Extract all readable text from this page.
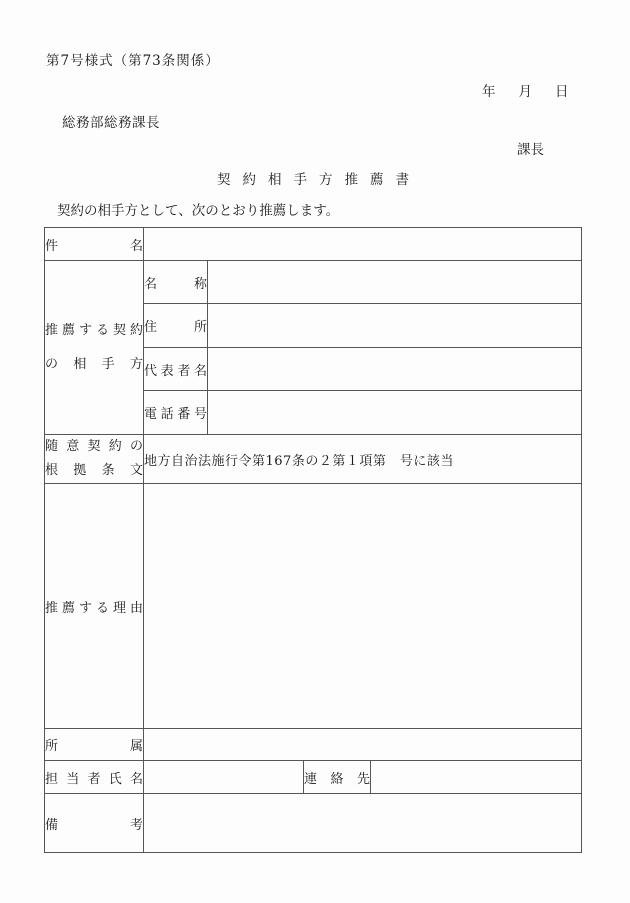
第7号様式（第73条関係）
年 月 日
総務部総務課長
課長
契約相手方推薦書
契約の相手方として、次のとおり推薦します。
件名				

推薦する契約
の相手方	名称			

	住所			

	代表者名			

	電話番号			

随意契約の
根拠条文	地方自治法施行令第167条の２第１項第　号に該当			

推薦する理由				

所属				

担当者氏名			連絡先	

備考				
